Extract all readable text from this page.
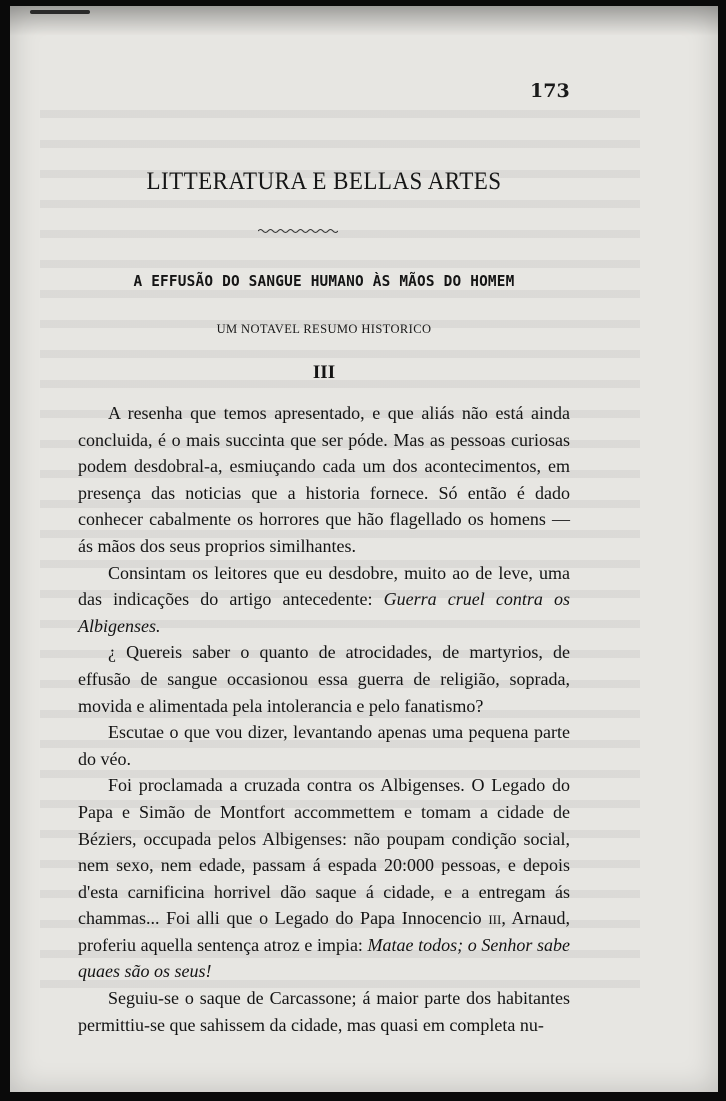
173
LITTERATURA E BELLAS ARTES
A EFFUSÃO DO SANGUE HUMANO ÀS MÃOS DO HOMEM
UM NOTAVEL RESUMO HISTORICO
III

A resenha que temos apresentado, e que aliás não está ainda concluida, é o mais succinta que ser póde. Mas as pessoas curiosas podem desdobral-a, esmiuçando cada um dos acontecimentos, em presença das noticias que a historia fornece. Só então é dado conhecer cabalmente os horrores que hão flagellado os homens — ás mãos dos seus proprios similhantes.

Consintam os leitores que eu desdobre, muito ao de leve, uma das indicações do artigo antecedente: Guerra cruel contra os Albigenses.

¿ Quereis saber o quanto de atrocidades, de martyrios, de effusão de sangue occasionou essa guerra de religião, soprada, movida e alimentada pela intolerancia e pelo fanatismo?

Escutae o que vou dizer, levantando apenas uma pequena parte do véo.

Foi proclamada a cruzada contra os Albigenses. O Legado do Papa e Simão de Montfort accommettem e tomam a cidade de Béziers, occupada pelos Albigenses: não poupam condição social, nem sexo, nem edade, passam á espada 20:000 pessoas, e depois d'esta carnificina horrivel dão saque á cidade, e a entregam ás chammas... Foi alli que o Legado do Papa Innocencio iii, Arnaud, proferiu aquella sentença atroz e impia: Matae todos; o Senhor sabe quaes são os seus!

Seguiu-se o saque de Carcassone; á maior parte dos habitantes permittiu-se que sahissem da cidade, mas quasi em completa nu-
